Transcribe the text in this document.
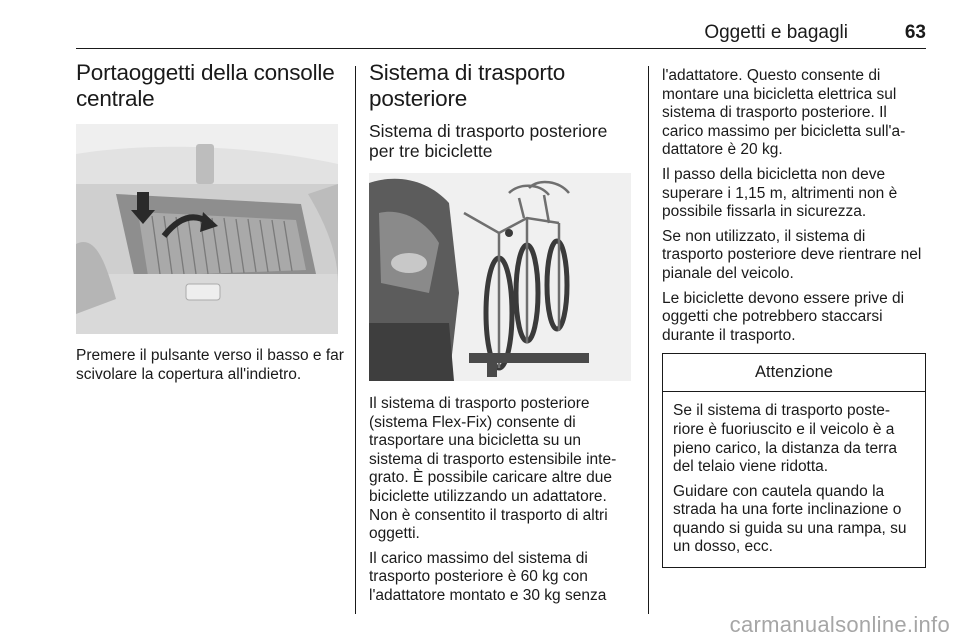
Oggetti e bagagli	63
Portaoggetti della consolle centrale

Premere il pulsante verso il basso e far scivolare la copertura all'indietro.

Sistema di trasporto posteriore
Sistema di trasporto posteriore per tre biciclette

Il sistema di trasporto posteriore (sistema Flex-Fix) consente di trasportare una bicicletta su un sistema di trasporto estensibile inte-grato. È possibile caricare altre due biciclette utilizzando un adattatore. Non è consentito il trasporto di altri oggetti.

Il carico massimo del sistema di trasporto posteriore è 60 kg con l'adattatore montato e 30 kg senza

l'adattatore. Questo consente di montare una bicicletta elettrica sul sistema di trasporto posteriore. Il carico massimo per bicicletta sull'a-dattatore è 20 kg.

Il passo della bicicletta non deve superare i 1,15 m, altrimenti non è possibile fissarla in sicurezza.

Se non utilizzato, il sistema di trasporto posteriore deve rientrare nel pianale del veicolo.

Le biciclette devono essere prive di oggetti che potrebbero staccarsi durante il trasporto.

Attenzione

Se il sistema di trasporto poste-riore è fuoriuscito e il veicolo è a pieno carico, la distanza da terra del telaio viene ridotta.

Guidare con cautela quando la strada ha una forte inclinazione o quando si guida su una rampa, su un dosso, ecc.

carmanualsonline.info
